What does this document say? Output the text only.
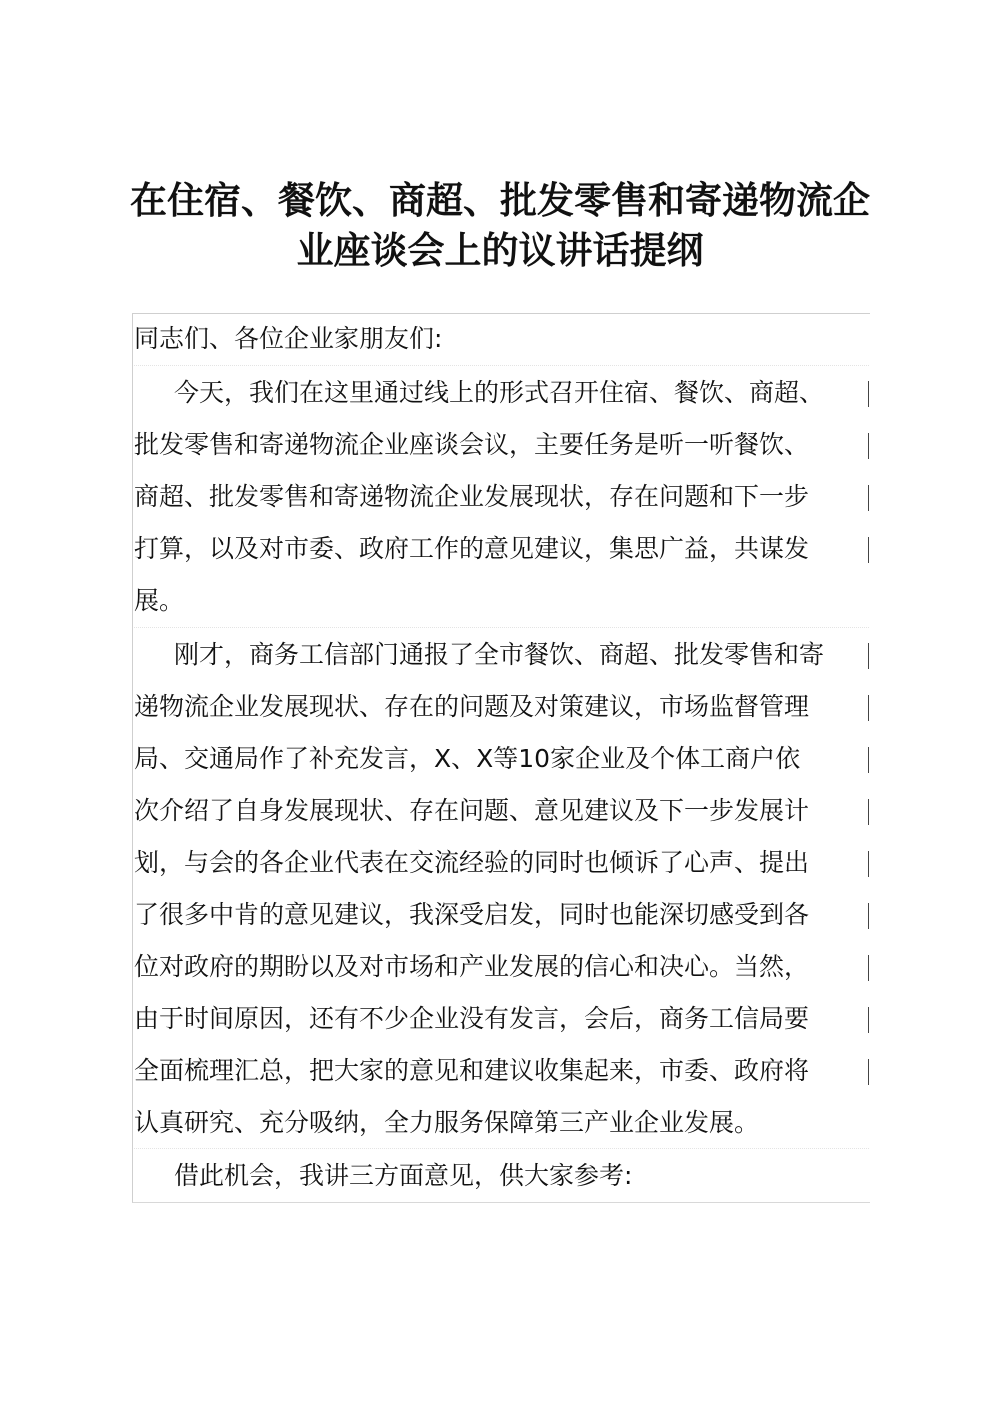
在住宿、餐饮、商超、批发零售和寄递物流企
业座谈会上的议讲话提纲

同志们、各位企业家朋友们:

今天，我们在这里通过线上的形式召开住宿、餐饮、商超、
批发零售和寄递物流企业座谈会议，主要任务是听一听餐饮、
商超、批发零售和寄递物流企业发展现状，存在问题和下一步
打算，以及对市委、政府工作的意见建议，集思广益，共谋发
展。

刚才，商务工信部门通报了全市餐饮、商超、批发零售和寄
递物流企业发展现状、存在的问题及对策建议，市场监督管理
局、交通局作了补充发言，X、X等10家企业及个体工商户依
次介绍了自身发展现状、存在问题、意见建议及下一步发展计
划，与会的各企业代表在交流经验的同时也倾诉了心声、提出
了很多中肯的意见建议，我深受启发，同时也能深切感受到各
位对政府的期盼以及对市场和产业发展的信心和决心。当然，
由于时间原因，还有不少企业没有发言，会后，商务工信局要
全面梳理汇总，把大家的意见和建议收集起来，市委、政府将
认真研究、充分吸纳，全力服务保障第三产业企业发展。

借此机会，我讲三方面意见，供大家参考:
